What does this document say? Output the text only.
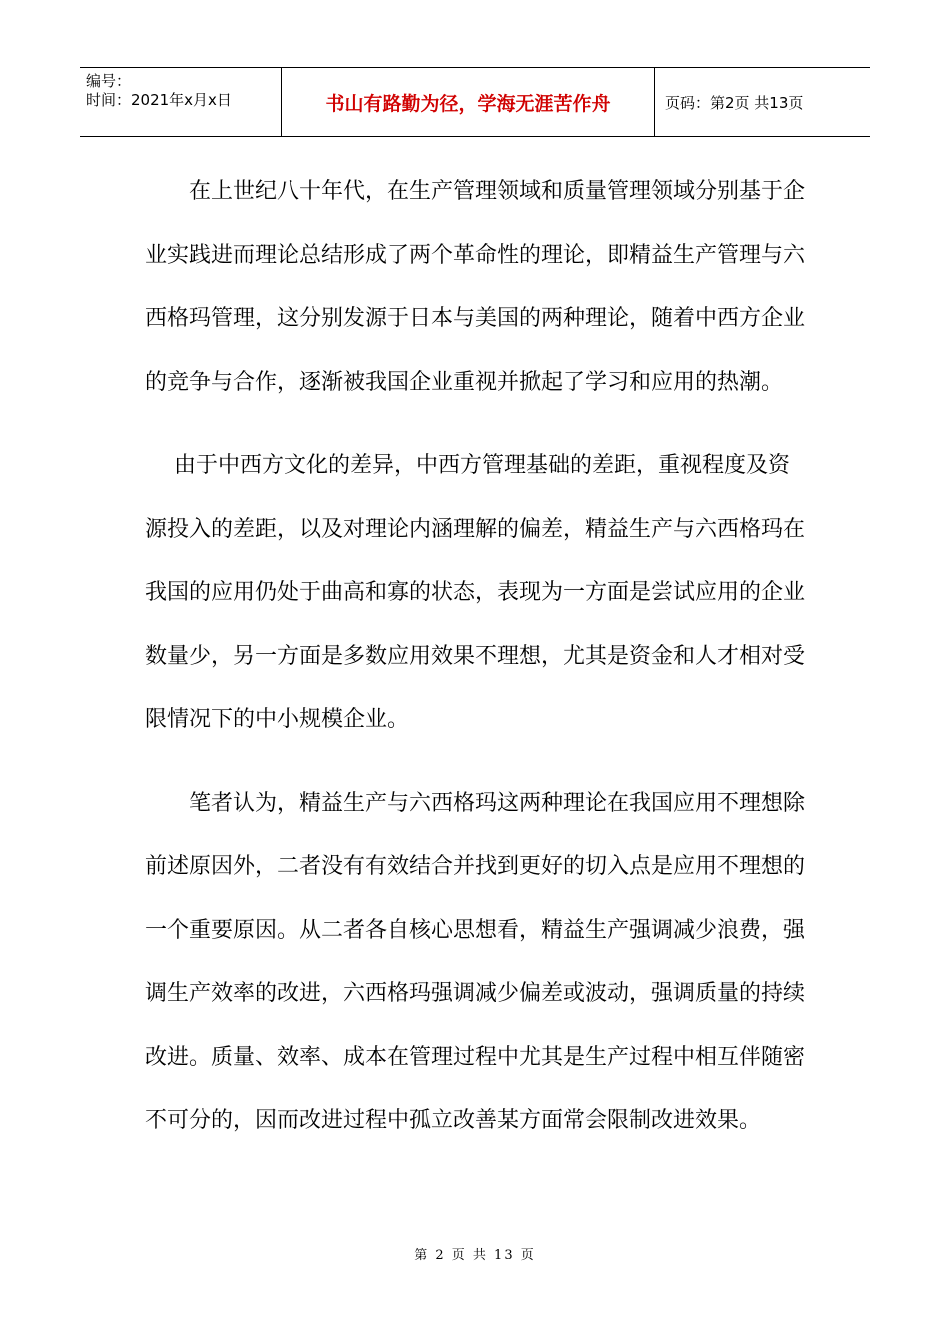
编号：
时间：2021年x月x日	书山有路勤为径，学海无涯苦作舟	页码：第2页 共13页

　　在上世纪八十年代，在生产管理领域和质量管理领域分别基于企业实践进而理论总结形成了两个革命性的理论，即精益生产管理与六西格玛管理，这分别发源于日本与美国的两种理论，随着中西方企业的竞争与合作，逐渐被我国企业重视并掀起了学习和应用的热潮。

　 由于中西方文化的差异，中西方管理基础的差距，重视程度及资源投入的差距，以及对理论内涵理解的偏差，精益生产与六西格玛在我国的应用仍处于曲高和寡的状态，表现为一方面是尝试应用的企业数量少，另一方面是多数应用效果不理想，尤其是资金和人才相对受限情况下的中小规模企业。

　　笔者认为，精益生产与六西格玛这两种理论在我国应用不理想除前述原因外，二者没有有效结合并找到更好的切入点是应用不理想的一个重要原因。从二者各自核心思想看，精益生产强调减少浪费，强调生产效率的改进，六西格玛强调减少偏差或波动，强调质量的持续改进。质量、效率、成本在管理过程中尤其是生产过程中相互伴随密不可分的，因而改进过程中孤立改善某方面常会限制改进效果。

第 2 页 共 13 页
